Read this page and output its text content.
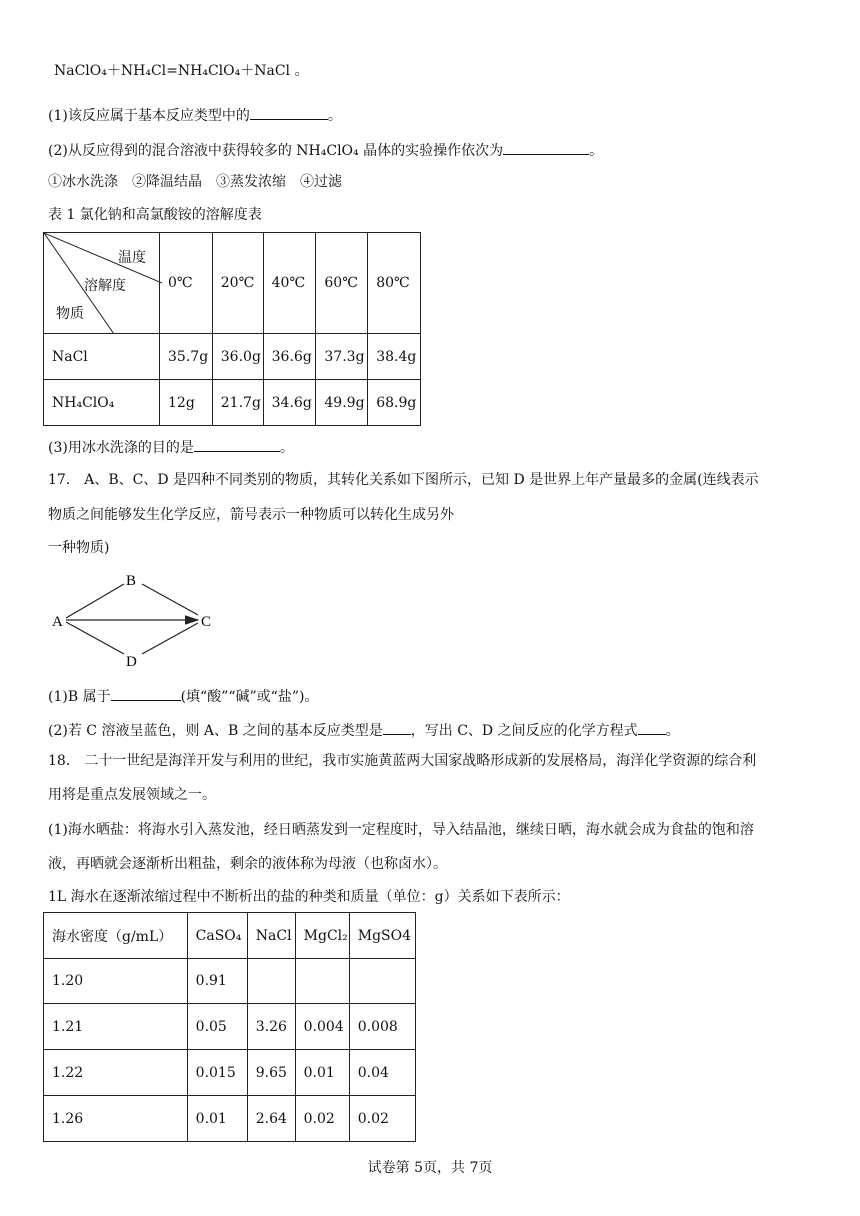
NaClO₄＋NH₄Cl=NH₄ClO₄＋NaCl 。
(1)该反应属于基本反应类型中的	。
(2)从反应得到的混合溶液中获得较多的 NH₄ClO₄ 晶体的实验操作依次为	。
①冰水洗涤　②降温结晶　③蒸发浓缩　④过滤
表 1 氯化钠和高氯酸铵的溶解度表
温度
溶解度
物质	0℃	20℃	40℃	60℃	80℃
NaCl	35.7g	36.0g	36.6g	37.3g	38.4g
NH₄ClO₄	12g	21.7g	34.6g	49.9g	68.9g
(3)用冰水洗涤的目的是	。
17． A、B、C、D 是四种不同类别的物质，其转化关系如下图所示，已知 D 是世界上年产量最多的金属(连线表示
物质之间能够发生化学反应，箭号表示一种物质可以转化生成另外
一种物质)
A
B
C
D
(1)B 属于	(填“酸”“碱”或“盐”)。
(2)若 C 溶液呈蓝色，则 A、B 之间的基本反应类型是 ，写出 C、D 之间反应的化学方程式 。
18． 二十一世纪是海洋开发与利用的世纪，我市实施黄蓝两大国家战略形成新的发展格局，海洋化学资源的综合利
用将是重点发展领域之一。
(1)海水晒盐：将海水引入蒸发池，经日晒蒸发到一定程度时，导入结晶池，继续日晒，海水就会成为食盐的饱和溶
液，再晒就会逐渐析出粗盐，剩余的液体称为母液（也称卤水）。
1L 海水在逐渐浓缩过程中不断析出的盐的种类和质量（单位：g）关系如下表所示：
海水密度（g/mL）	CaSO₄	NaCl	MgCl₂	MgSO4
1.20	0.91			
1.21	0.05	3.26	0.004	0.008
1.22	0.015	9.65	0.01	0.04
1.26	0.01	2.64	0.02	0.02
试卷第 5页，共 7页
